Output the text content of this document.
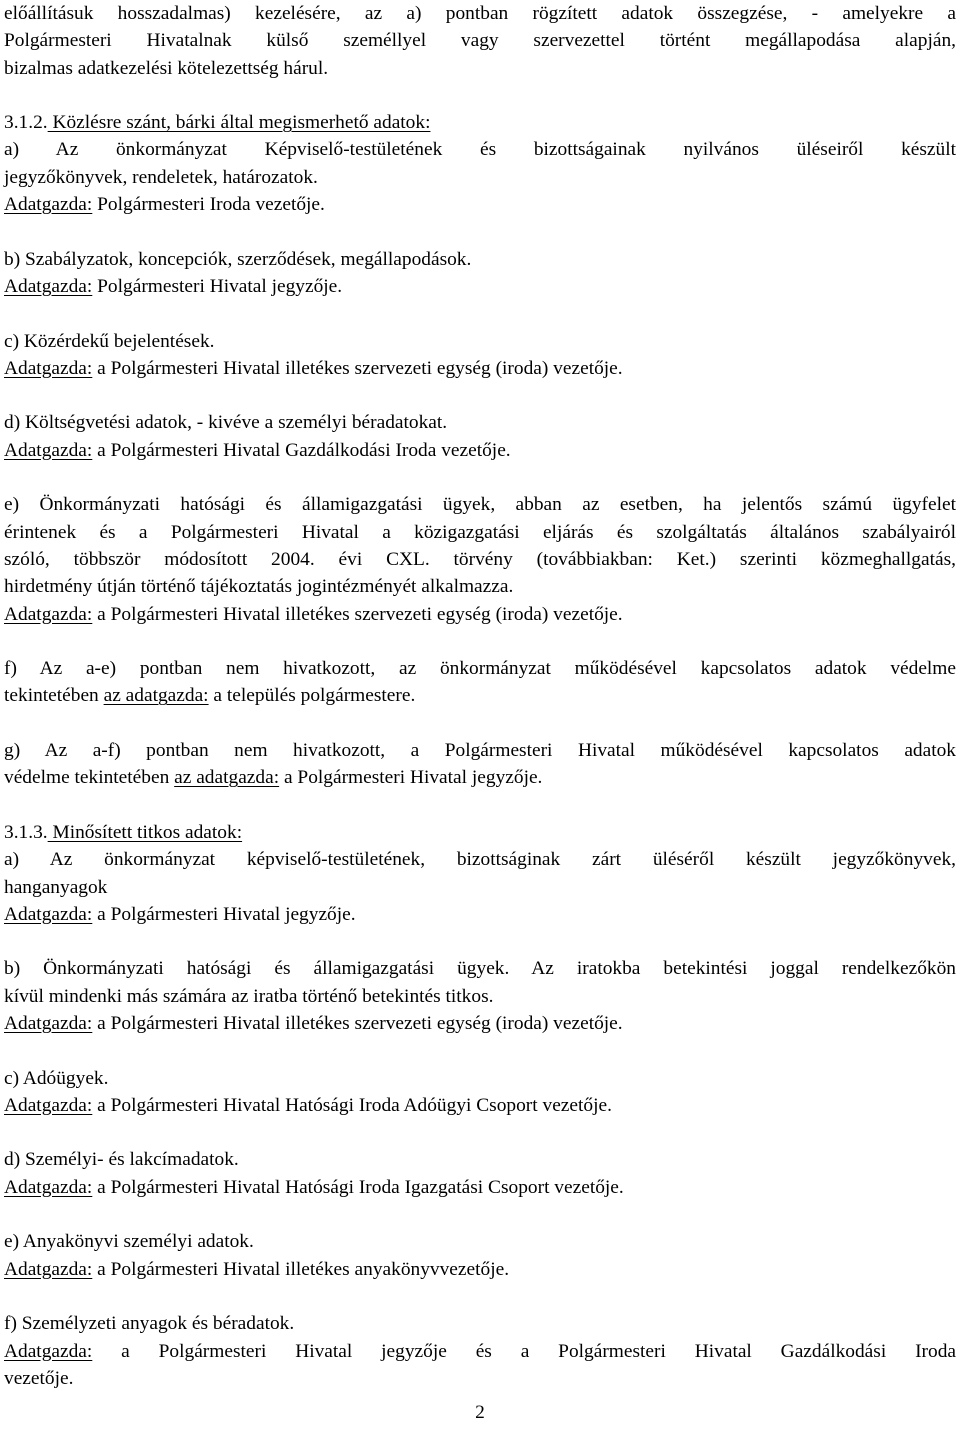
előállításuk hosszadalmas) kezelésére, az a) pontban rögzített adatok összegzése, - amelyekre a
Polgármesteri Hivatalnak külső személlyel vagy szervezettel történt megállapodása alapján,
bizalmas adatkezelési kötelezettség hárul.
3.1.2. Közlésre szánt, bárki által megismerhető adatok:
a) Az önkormányzat Képviselő-testületének és bizottságainak nyilvános üléseiről készült
jegyzőkönyvek, rendeletek, határozatok.
Adatgazda: Polgármesteri Iroda vezetője.
b) Szabályzatok, koncepciók, szerződések, megállapodások.
Adatgazda: Polgármesteri Hivatal jegyzője.
c) Közérdekű bejelentések.
Adatgazda: a Polgármesteri Hivatal illetékes szervezeti egység (iroda) vezetője.
d) Költségvetési adatok, - kivéve a személyi béradatokat.
Adatgazda: a Polgármesteri Hivatal Gazdálkodási Iroda vezetője.
e) Önkormányzati hatósági és államigazgatási ügyek, abban az esetben, ha jelentős számú ügyfelet
érintenek és a Polgármesteri Hivatal a közigazgatási eljárás és szolgáltatás általános szabályairól
szóló, többször módosított 2004. évi CXL. törvény (továbbiakban: Ket.) szerinti közmeghallgatás,
hirdetmény útján történő tájékoztatás jogintézményét alkalmazza.
Adatgazda: a Polgármesteri Hivatal illetékes szervezeti egység (iroda) vezetője.
f) Az a-e) pontban nem hivatkozott, az önkormányzat működésével kapcsolatos adatok védelme
tekintetében az adatgazda: a település polgármestere.
g) Az a-f) pontban nem hivatkozott, a Polgármesteri Hivatal működésével kapcsolatos adatok
védelme tekintetében az adatgazda: a Polgármesteri Hivatal jegyzője.
3.1.3. Minősített titkos adatok:
a) Az önkormányzat képviselő-testületének, bizottságinak zárt üléséről készült jegyzőkönyvek,
hanganyagok
Adatgazda: a Polgármesteri Hivatal jegyzője.
b) Önkormányzati hatósági és államigazgatási ügyek. Az iratokba betekintési joggal rendelkezőkön
kívül mindenki más számára az iratba történő betekintés titkos.
Adatgazda: a Polgármesteri Hivatal illetékes szervezeti egység (iroda) vezetője.
c) Adóügyek.
Adatgazda: a Polgármesteri Hivatal Hatósági Iroda Adóügyi Csoport vezetője.
d) Személyi- és lakcímadatok.
Adatgazda: a Polgármesteri Hivatal Hatósági Iroda Igazgatási Csoport vezetője.
e) Anyakönyvi személyi adatok.
Adatgazda: a Polgármesteri Hivatal illetékes anyakönyvvezetője.
f) Személyzeti anyagok és béradatok.
Adatgazda: a Polgármesteri Hivatal jegyzője és a Polgármesteri Hivatal Gazdálkodási Iroda
vezetője.
2
